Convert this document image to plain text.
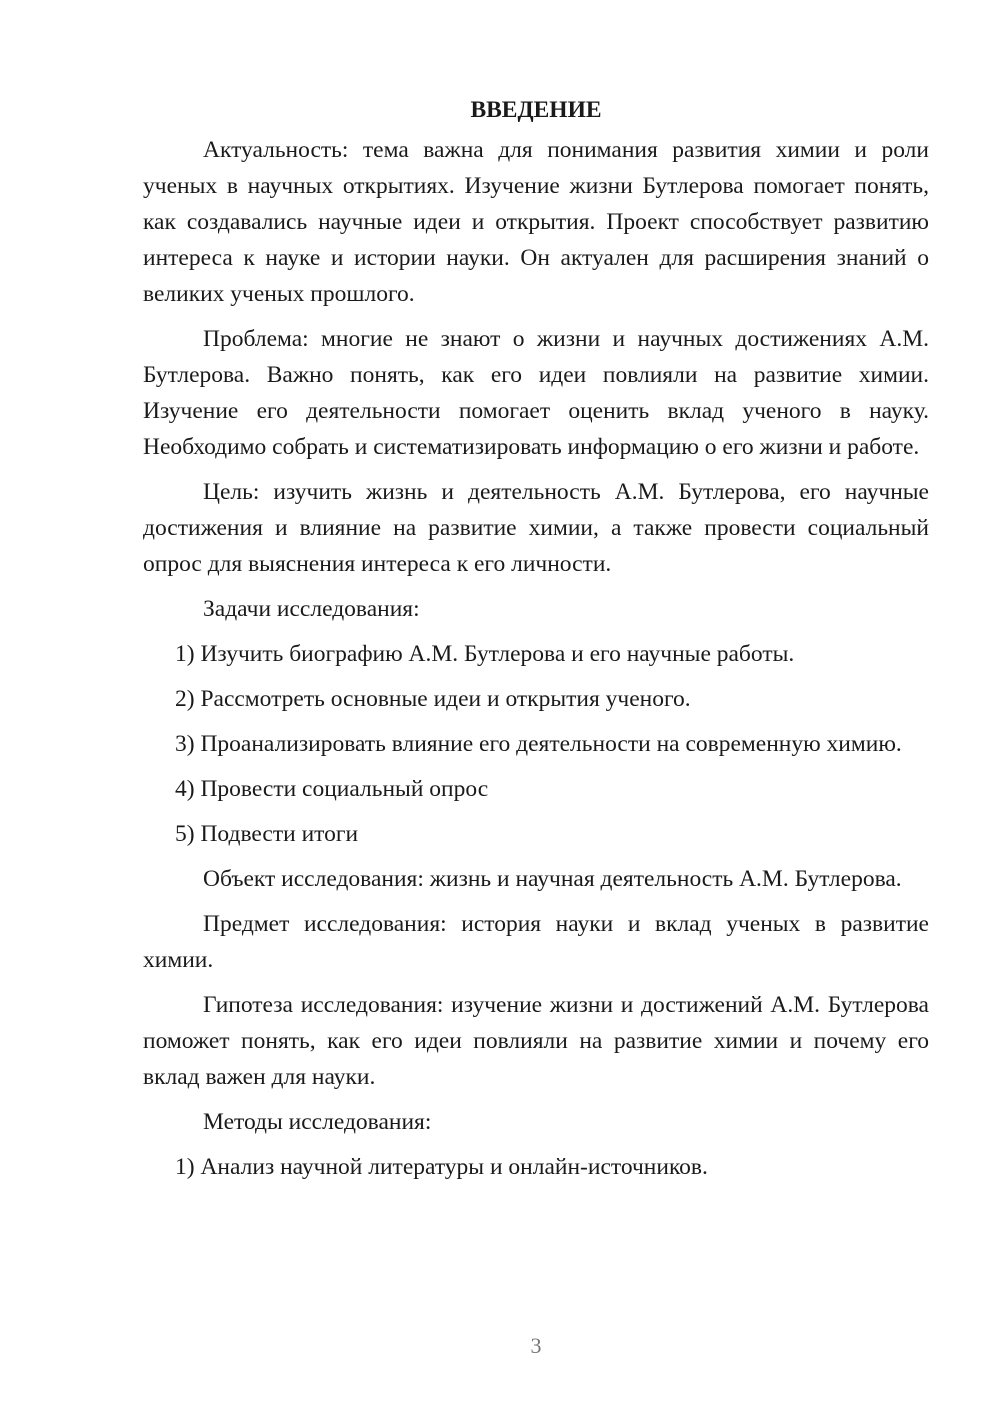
ВВЕДЕНИЕ

Актуальность: тема важна для понимания развития химии и роли ученых в научных открытиях. Изучение жизни Бутлерова помогает понять, как создавались научные идеи и открытия. Проект способствует развитию интереса к науке и истории науки. Он актуален для расширения знаний о великих ученых прошлого.

Проблема: многие не знают о жизни и научных достижениях А.М. Бутлерова. Важно понять, как его идеи повлияли на развитие химии. Изучение его деятельности помогает оценить вклад ученого в науку. Необходимо собрать и систематизировать информацию о его жизни и работе.

Цель: изучить жизнь и деятельность А.М. Бутлерова, его научные достижения и влияние на развитие химии, а также провести социальный опрос для выяснения интереса к его личности.

Задачи исследования:

1) Изучить биографию А.М. Бутлерова и его научные работы.

2) Рассмотреть основные идеи и открытия ученого.

3) Проанализировать влияние его деятельности на современную химию.

4) Провести социальный опрос

5) Подвести итоги

Объект исследования: жизнь и научная деятельность А.М. Бутлерова.

Предмет исследования: история науки и вклад ученых в развитие химии.

Гипотеза исследования: изучение жизни и достижений А.М. Бутлерова поможет понять, как его идеи повлияли на развитие химии и почему его вклад важен для науки.

Методы исследования:

1) Анализ научной литературы и онлайн-источников.

3
